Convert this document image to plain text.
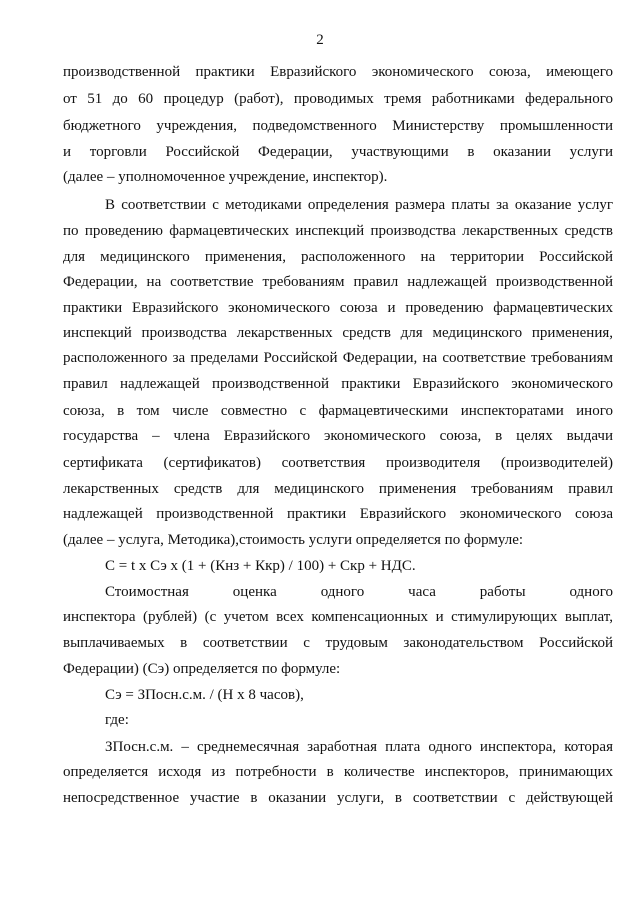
2
производственной практики Евразийского экономического союза, имеющего
от 51 до 60 процедур (работ), проводимых тремя работниками федерального
бюджетного учреждения, подведомственного Министерству промышленности
и торговли Российской Федерации, участвующими в оказании услуги
(далее – уполномоченное учреждение, инспектор).
В соответствии с методиками определения размера платы за оказание услуг
по проведению фармацевтических инспекций производства лекарственных средств
для медицинского применения, расположенного на территории Российской
Федерации, на соответствие требованиям правил надлежащей производственной
практики Евразийского экономического союза и проведению фармацевтических
инспекций производства лекарственных средств для медицинского применения,
расположенного за пределами Российской Федерации, на соответствие требованиям
правил надлежащей производственной практики Евразийского экономического
союза, в том числе совместно с фармацевтическими инспекторатами иного
государства – члена Евразийского экономического союза, в целях выдачи
сертификата (сертификатов) соответствия производителя (производителей)
лекарственных средств для медицинского применения требованиям правил
надлежащей производственной практики Евразийского экономического союза
(далее – услуга, Методика),стоимость услуги определяется по формуле:
С = t x Сэ x (1 + (Кнз + Ккр) / 100) + Скр + НДС.
Стоимостная оценка одного часа работы одного
инспектора (рублей) (с учетом всех компенсационных и стимулирующих выплат,
выплачиваемых в соответствии с трудовым законодательством Российской
Федерации) (Сэ) определяется по формуле:
Сэ = ЗПосн.с.м. / (Н х 8 часов),
где:
ЗПосн.с.м. – среднемесячная заработная плата одного инспектора, которая
определяется исходя из потребности в количестве инспекторов, принимающих
непосредственное участие в оказании услуги, в соответствии с действующей
